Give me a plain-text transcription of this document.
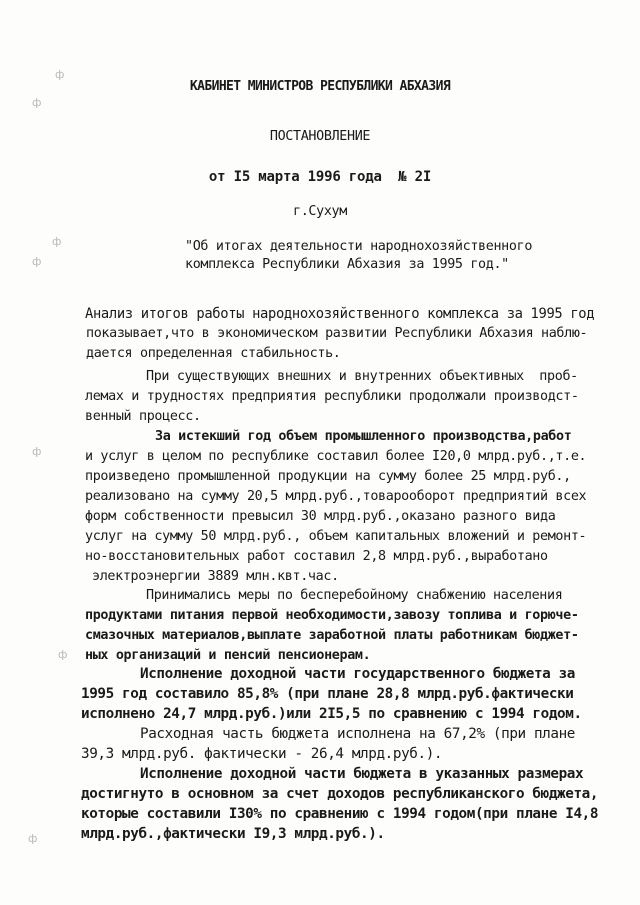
КАБИНЕТ МИНИСТРОВ РЕСПУБЛИКИ АБХАЗИЯ
ПОСТАНОВЛЕНИЕ
от I5 марта 1996 года  № 2I
г.Сухум
"Об итогах деятельности народнохозяйственного
комплекса Республики Абхазия за 1995 год."
Анализ итогов работы народнохозяйственного комплекса за 1995 год
показывает,что в экономическом развитии Республики Абхазия наблю-
дается определенная стабильность.
При существующих внешних и внутренних объективных  проб-
лемах и трудностях предприятия республики продолжали производст-
венный процесс.
За истекший год объем промышленного производства,работ
и услуг в целом по республике составил более I20,0 млрд.руб.,т.е.
произведено промышленной продукции на сумму более 25 млрд.руб.,
реализовано на сумму 20,5 млрд.руб.,товарооборот предприятий всех
форм собственности превысил 30 млрд.руб.,оказано разного вида
услуг на сумму 50 млрд.руб., объем капитальных вложений и ремонт-
но-восстановительных работ составил 2,8 млрд.руб.,выработано
электроэнергии 3889 млн.квт.час.
Принимались меры по бесперебойному снабжению населения
продуктами питания первой необходимости,завозу топлива и горюче-
смазочных материалов,выплате заработной платы работникам бюджет-
ных организаций и пенсий пенсионерам.
Исполнение доходной части государственного бюджета за
1995 год составило 85,8% (при плане 28,8 млрд.руб.фактически
исполнено 24,7 млрд.руб.)или 2I5,5 по сравнению с 1994 годом.
Расходная часть бюджета исполнена на 67,2% (при плане
39,3 млрд.руб. фактически - 26,4 млрд.руб.).
Исполнение доходной части бюджета в указанных размерах
достигнуто в основном за счет доходов республиканского бюджета,
которые составили I30% по сравнению с 1994 годом(при плане I4,8
млрд.руб.,фактически I9,3 млрд.руб.).
ф
ф
ф
ф
ф
ф
ф
